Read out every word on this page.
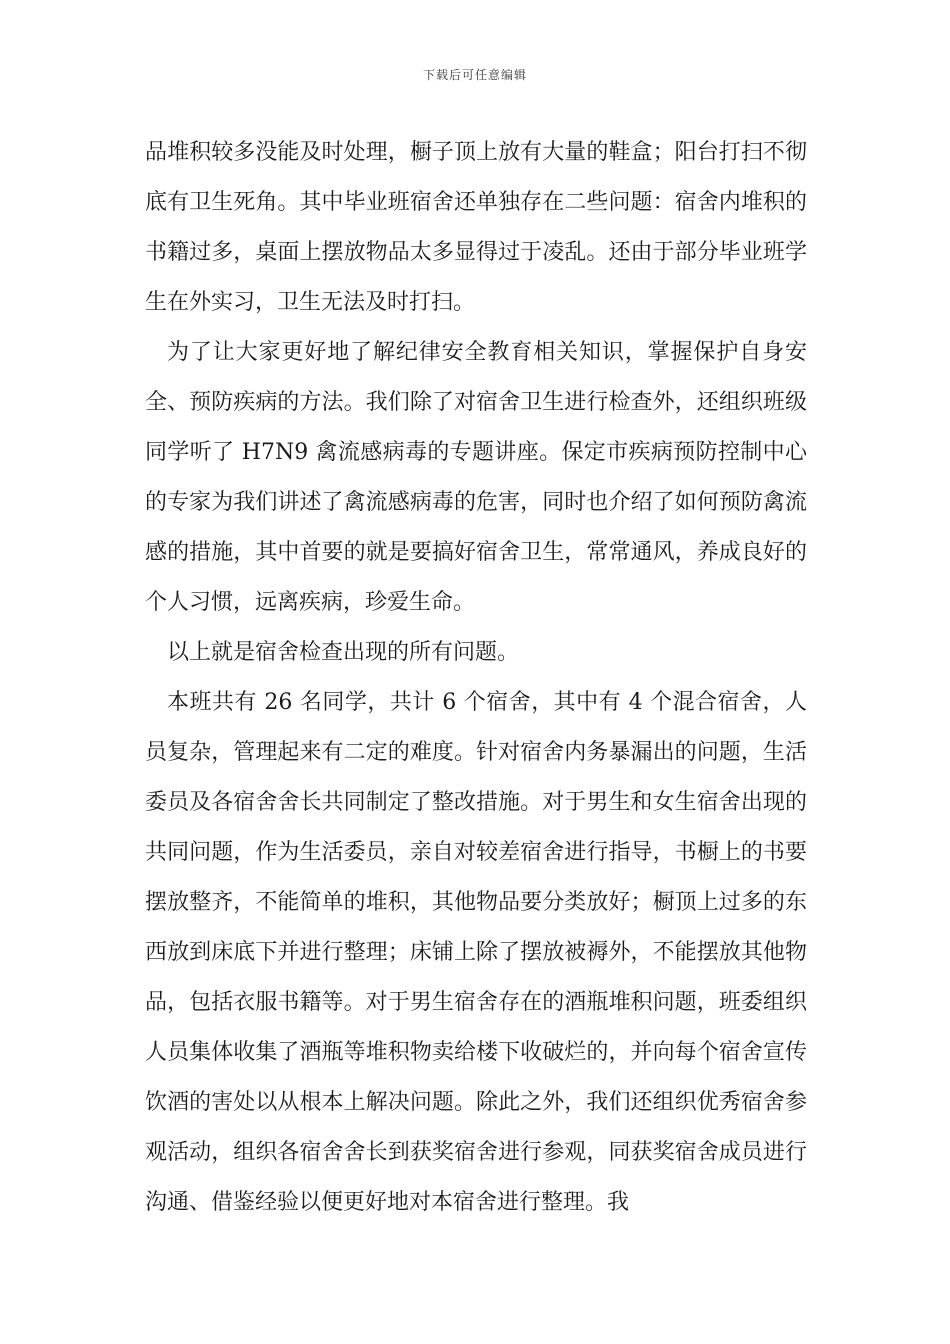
下载后可任意编辑

品堆积较多没能及时处理，橱子顶上放有大量的鞋盒；阳台打扫不彻底有卫生死角。其中毕业班宿舍还单独存在二些问题：宿舍内堆积的书籍过多，桌面上摆放物品太多显得过于凌乱。还由于部分毕业班学生在外实习，卫生无法及时打扫。

为了让大家更好地了解纪律安全教育相关知识，掌握保护自身安全、预防疾病的方法。我们除了对宿舍卫生进行检查外，还组织班级同学听了 H7N9 禽流感病毒的专题讲座。保定市疾病预防控制中心的专家为我们讲述了禽流感病毒的危害，同时也介绍了如何预防禽流感的措施，其中首要的就是要搞好宿舍卫生，常常通风，养成良好的个人习惯，远离疾病，珍爱生命。

以上就是宿舍检查出现的所有问题。

本班共有 26 名同学，共计 6 个宿舍，其中有 4 个混合宿舍，人员复杂，管理起来有二定的难度。针对宿舍内务暴漏出的问题，生活委员及各宿舍舍长共同制定了整改措施。对于男生和女生宿舍出现的共同问题，作为生活委员，亲自对较差宿舍进行指导，书橱上的书要摆放整齐，不能简单的堆积，其他物品要分类放好；橱顶上过多的东西放到床底下并进行整理；床铺上除了摆放被褥外，不能摆放其他物品，包括衣服书籍等。对于男生宿舍存在的酒瓶堆积问题，班委组织人员集体收集了酒瓶等堆积物卖给楼下收破烂的，并向每个宿舍宣传饮酒的害处以从根本上解决问题。除此之外，我们还组织优秀宿舍参观活动，组织各宿舍舍长到获奖宿舍进行参观，同获奖宿舍成员进行沟通、借鉴经验以便更好地对本宿舍进行整理。我
